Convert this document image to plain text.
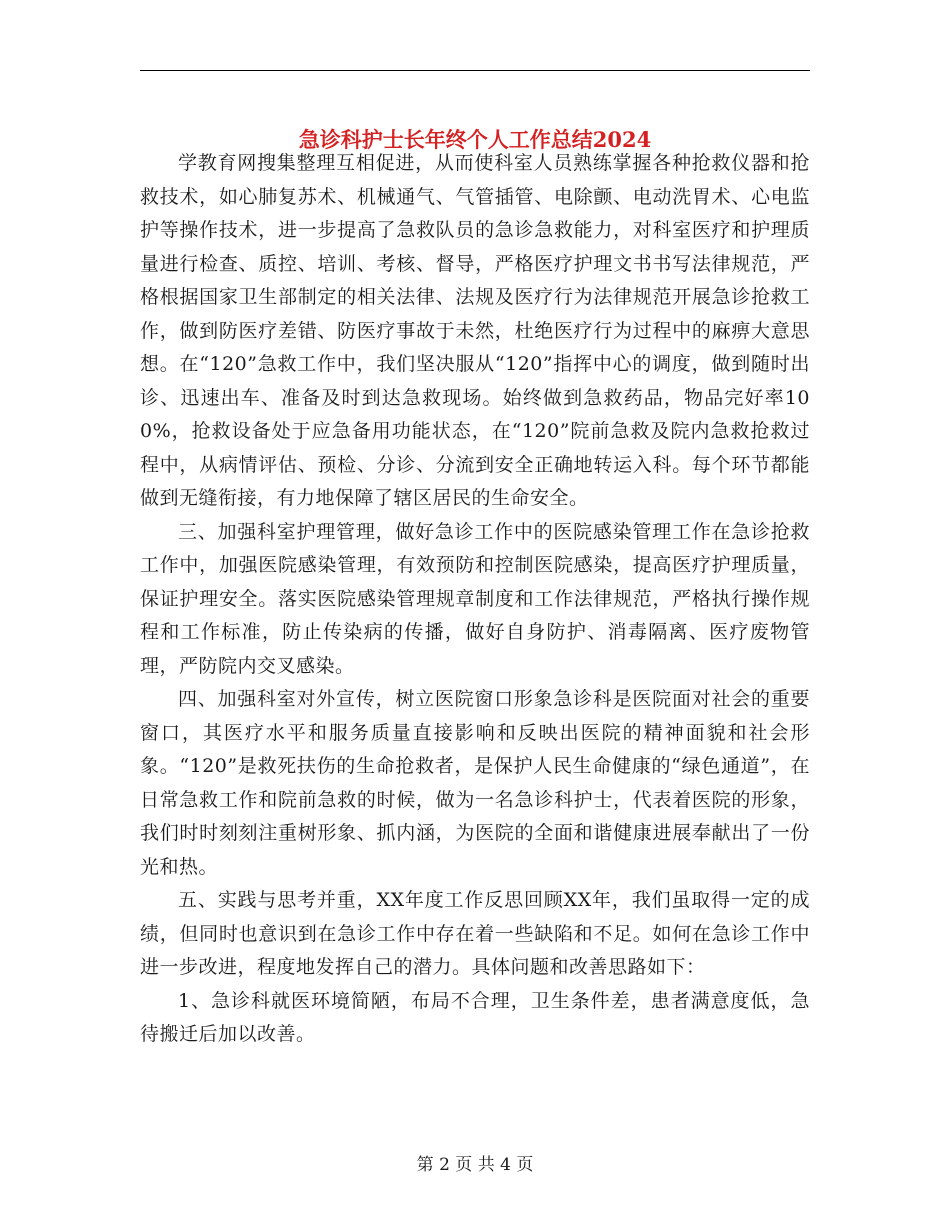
急诊科护士长年终个人工作总结2024

学教育网搜集整理互相促进，从而使科室人员熟练掌握各种抢救仪器和抢救技术，如心肺复苏术、机械通气、气管插管、电除颤、电动洗胃术、心电监护等操作技术，进一步提高了急救队员的急诊急救能力，对科室医疗和护理质量进行检查、质控、培训、考核、督导，严格医疗护理文书书写法律规范，严格根据国家卫生部制定的相关法律、法规及医疗行为法律规范开展急诊抢救工作，做到防医疗差错、防医疗事故于未然，杜绝医疗行为过程中的麻痹大意思想。在“120”急救工作中，我们坚决服从“120”指挥中心的调度，做到随时出诊、迅速出车、准备及时到达急救现场。始终做到急救药品，物品完好率100%，抢救设备处于应急备用功能状态，在“120”院前急救及院内急救抢救过程中，从病情评估、预检、分诊、分流到安全正确地转运入科。每个环节都能做到无缝衔接，有力地保障了辖区居民的生命安全。

三、加强科室护理管理，做好急诊工作中的医院感染管理工作在急诊抢救工作中，加强医院感染管理，有效预防和控制医院感染，提高医疗护理质量，保证护理安全。落实医院感染管理规章制度和工作法律规范，严格执行操作规程和工作标准，防止传染病的传播，做好自身防护、消毒隔离、医疗废物管理，严防院内交叉感染。

四、加强科室对外宣传，树立医院窗口形象急诊科是医院面对社会的重要窗口，其医疗水平和服务质量直接影响和反映出医院的精神面貌和社会形象。“120”是救死扶伤的生命抢救者，是保护人民生命健康的“绿色通道”，在日常急救工作和院前急救的时候，做为一名急诊科护士，代表着医院的形象，我们时时刻刻注重树形象、抓内涵，为医院的全面和谐健康进展奉献出了一份光和热。

五、实践与思考并重，XX年度工作反思回顾XX年，我们虽取得一定的成绩，但同时也意识到在急诊工作中存在着一些缺陷和不足。如何在急诊工作中进一步改进，程度地发挥自己的潜力。具体问题和改善思路如下：

1、急诊科就医环境简陋，布局不合理，卫生条件差，患者满意度低，急待搬迁后加以改善。

第 2 页 共 4 页
